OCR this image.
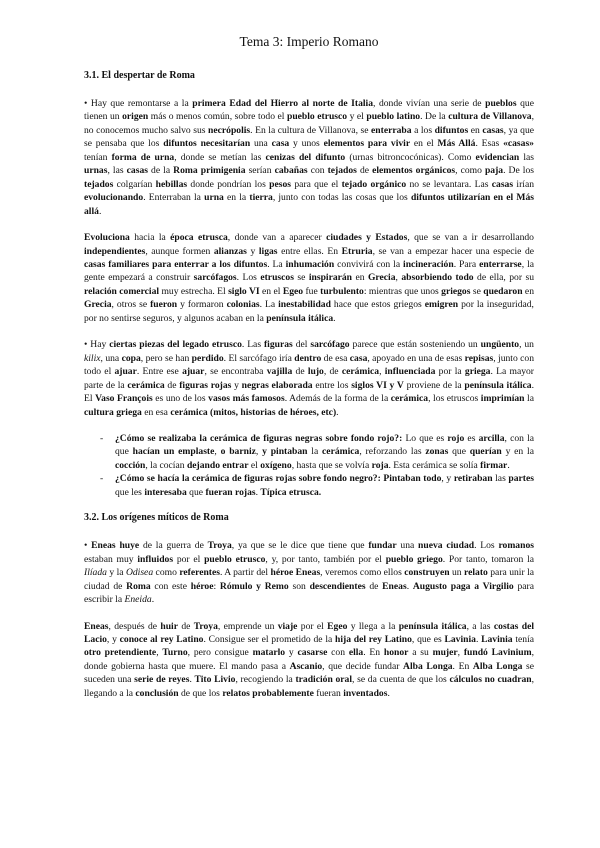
Tema 3: Imperio Romano
3.1. El despertar de Roma

• Hay que remontarse a la primera Edad del Hierro al norte de Italia, donde vivían una serie de pueblos que tienen un origen más o menos común, sobre todo el pueblo etrusco y el pueblo latino. De la cultura de Villanova, no conocemos mucho salvo sus necrópolis. En la cultura de Villanova, se enterraba a los difuntos en casas, ya que se pensaba que los difuntos necesitarían una casa y unos elementos para vivir en el Más Allá. Esas «casas» tenían forma de urna, donde se metían las cenizas del difunto (urnas bitroncocónicas). Como evidencian las urnas, las casas de la Roma primigenia serían cabañas con tejados de elementos orgánicos, como paja. De los tejados colgarían hebillas donde pondrían los pesos para que el tejado orgánico no se levantara. Las casas irían evolucionando. Enterraban la urna en la tierra, junto con todas las cosas que los difuntos utilizarían en el Más allá.

Evoluciona hacia la época etrusca, donde van a aparecer ciudades y Estados, que se van a ir desarrollando independientes, aunque formen alianzas y ligas entre ellas. En Etruria, se van a empezar hacer una especie de casas familiares para enterrar a los difuntos. La inhumación convivirá con la incineración. Para enterrarse, la gente empezará a construir sarcófagos. Los etruscos se inspirarán en Grecia, absorbiendo todo de ella, por su relación comercial muy estrecha. El siglo VI en el Egeo fue turbulento: mientras que unos griegos se quedaron en Grecia, otros se fueron y formaron colonias. La inestabilidad hace que estos griegos emigren por la inseguridad, por no sentirse seguros, y algunos acaban en la península itálica.

• Hay ciertas piezas del legado etrusco. Las figuras del sarcófago parece que están sosteniendo un ungüento, un kilix, una copa, pero se han perdido. El sarcófago iría dentro de esa casa, apoyado en una de esas repisas, junto con todo el ajuar. Entre ese ajuar, se encontraba vajilla de lujo, de cerámica, influenciada por la griega. La mayor parte de la cerámica de figuras rojas y negras elaborada entre los siglos VI y V proviene de la península itálica. El Vaso François es uno de los vasos más famosos. Además de la forma de la cerámica, los etruscos imprimían la cultura griega en esa cerámica (mitos, historias de héroes, etc).

- ¿Cómo se realizaba la cerámica de figuras negras sobre fondo rojo?: Lo que es rojo es arcilla, con la que hacían un emplaste, o barniz, y pintaban la cerámica, reforzando las zonas que querían y en la cocción, la cocían dejando entrar el oxígeno, hasta que se volvía roja. Esta cerámica se solía firmar.
- ¿Cómo se hacía la cerámica de figuras rojas sobre fondo negro?: Pintaban todo, y retiraban las partes que les interesaba que fueran rojas. Típica etrusca.
3.2. Los orígenes míticos de Roma

• Eneas huye de la guerra de Troya, ya que se le dice que tiene que fundar una nueva ciudad. Los romanos estaban muy influidos por el pueblo etrusco, y, por tanto, también por el pueblo griego. Por tanto, tomaron la Ilíada y la Odisea como referentes. A partir del héroe Eneas, veremos como ellos construyen un relato para unir la ciudad de Roma con este héroe: Rómulo y Remo son descendientes de Eneas. Augusto paga a Virgilio para escribir la Eneida.

Eneas, después de huir de Troya, emprende un viaje por el Egeo y llega a la península itálica, a las costas del Lacio, y conoce al rey Latino. Consigue ser el prometido de la hija del rey Latino, que es Lavinia. Lavinia tenía otro pretendiente, Turno, pero consigue matarlo y casarse con ella. En honor a su mujer, fundó Lavinium, donde gobierna hasta que muere. El mando pasa a Ascanio, que decide fundar Alba Longa. En Alba Longa se suceden una serie de reyes. Tito Livio, recogiendo la tradición oral, se da cuenta de que los cálculos no cuadran, llegando a la conclusión de que los relatos probablemente fueran inventados.
